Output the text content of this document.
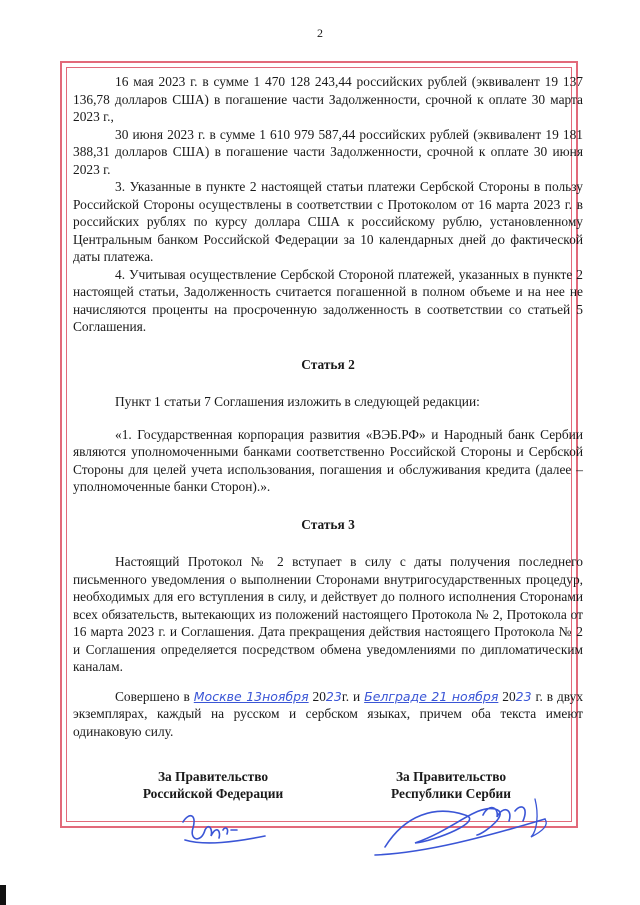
2

16 мая 2023 г. в сумме 1 470 128 243,44 российских рублей (эквивалент 19 137 136,78 долларов США) в погашение части Задолженности, срочной к оплате 30 марта 2023 г.,

30 июня 2023 г. в сумме 1 610 979 587,44 российских рублей (эквивалент 19 181 388,31 долларов США) в погашение части Задолженности, срочной к оплате 30 июня 2023 г.

3. Указанные в пункте 2 настоящей статьи платежи Сербской Стороны в пользу Российской Стороны осуществлены в соответствии с Протоколом от 16 марта 2023 г. в российских рублях по курсу доллара США к российскому рублю, установленному Центральным банком Российской Федерации за 10 календарных дней до фактической даты платежа.

4. Учитывая осуществление Сербской Стороной платежей, указанных в пункте 2 настоящей статьи, Задолженность считается погашенной в полном объеме и на нее не начисляются проценты на просроченную задолженность в соответствии со статьей 5 Соглашения.

Статья 2

Пункт 1 статьи 7 Соглашения изложить в следующей редакции:

«1. Государственная корпорация развития «ВЭБ.РФ» и Народный банк Сербии являются уполномоченными банками соответственно Российской Стороны и Сербской Стороны для целей учета использования, погашения и обслуживания кредита (далее – уполномоченные банки Сторон).».

Статья 3

Настоящий Протокол № 2 вступает в силу с даты получения последнего письменного уведомления о выполнении Сторонами внутригосударственных процедур, необходимых для его вступления в силу, и действует до полного исполнения Сторонами всех обязательств, вытекающих из положений настоящего Протокола № 2, Протокола от 16 марта 2023 г. и Соглашения. Дата прекращения действия настоящего Протокола № 2 и Соглашения определяется посредством обмена уведомлениями по дипломатическим каналам.

Совершено в Москве 13ноября 2023г. и Белграде 21 ноября 2023 г. в двух экземплярах, каждый на русском и сербском языках, причем оба текста имеют одинаковую силу.

За Правительство
Российской Федерации
За Правительство
Республики Сербии
